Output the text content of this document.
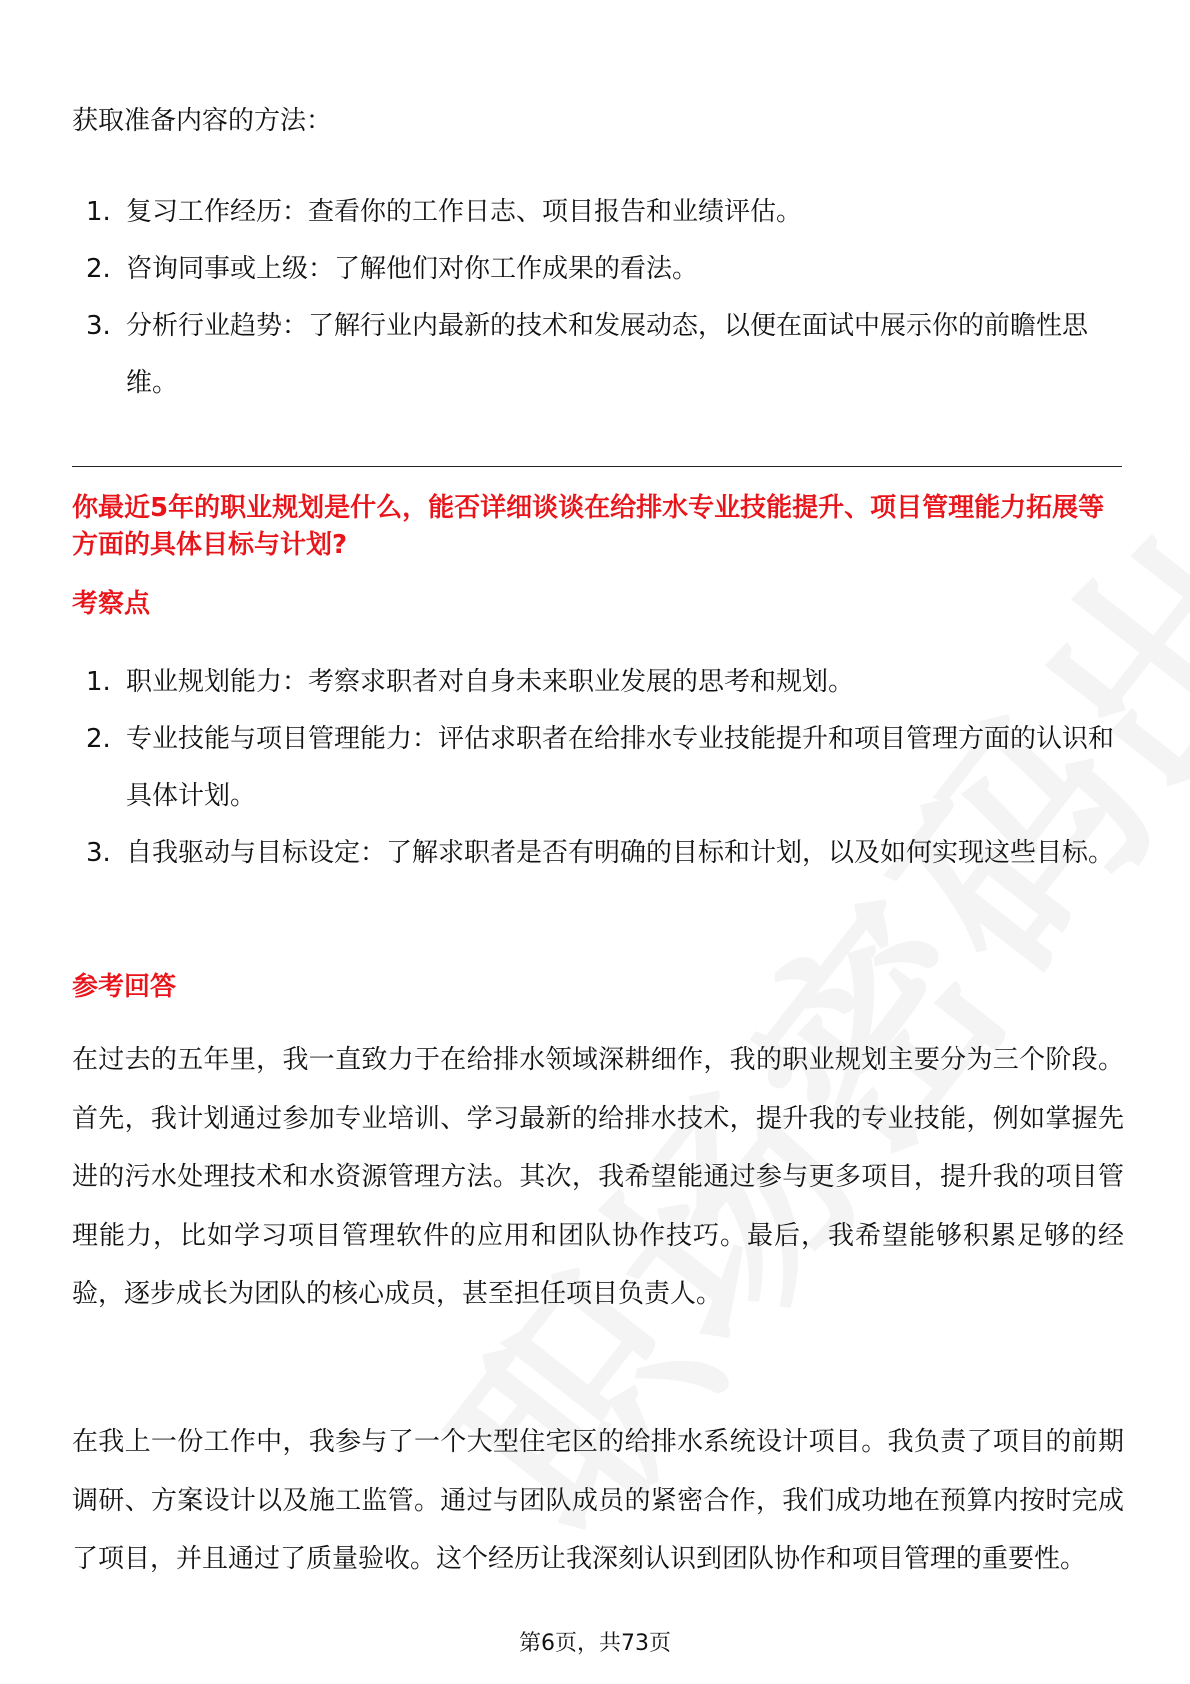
获取准备内容的方法：

1. 复习工作经历：查看你的工作日志、项目报告和业绩评估。
2. 咨询同事或上级：了解他们对你工作成果的看法。
3. 分析行业趋势：了解行业内最新的技术和发展动态，以便在面试中展示你的前瞻性思维。
你最近5年的职业规划是什么，能否详细谈谈在给排水专业技能提升、项目管理能力拓展等方面的具体目标与计划?
考察点
1. 职业规划能力：考察求职者对自身未来职业发展的思考和规划。
2. 专业技能与项目管理能力：评估求职者在给排水专业技能提升和项目管理方面的认识和具体计划。
3. 自我驱动与目标设定：了解求职者是否有明确的目标和计划，以及如何实现这些目标。
参考回答

在过去的五年里，我一直致力于在给排水领域深耕细作，我的职业规划主要分为三个阶段。首先，我计划通过参加专业培训、学习最新的给排水技术，提升我的专业技能，例如掌握先进的污水处理技术和水资源管理方法。其次，我希望能通过参与更多项目，提升我的项目管理能力，比如学习项目管理软件的应用和团队协作技巧。最后，我希望能够积累足够的经验，逐步成长为团队的核心成员，甚至担任项目负责人。

在我上一份工作中，我参与了一个大型住宅区的给排水系统设计项目。我负责了项目的前期调研、方案设计以及施工监管。通过与团队成员的紧密合作，我们成功地在预算内按时完成了项目，并且通过了质量验收。这个经历让我深刻认识到团队协作和项目管理的重要性。

第6页，共73页
